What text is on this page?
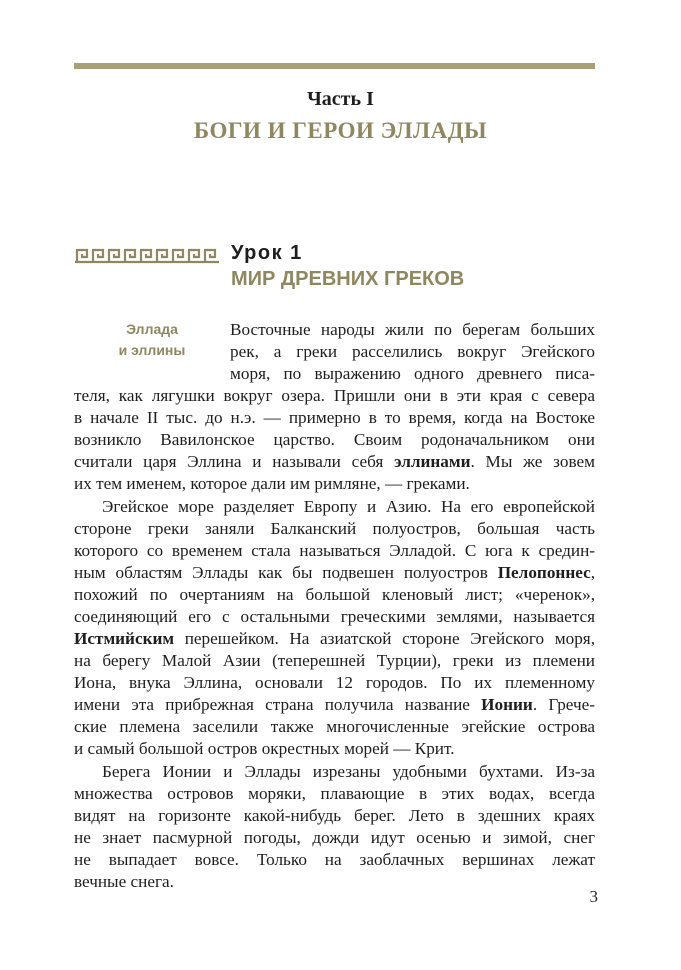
Часть I
БОГИ И ГЕРОИ ЭЛЛАДЫ
Урок 1
МИР ДРЕВНИХ ГРЕКОВ
Эллада
и эллины
Восточные народы жили по берегам больших
рек, а греки расселились вокруг Эгейского
моря, по выражению одного древнего писа-
теля, как лягушки вокруг озера. Пришли они в эти края с севера
в начале II тыс. до н.э. — примерно в то время, когда на Востоке
возникло Вавилонское царство. Своим родоначальником они
считали царя Эллина и называли себя эллинами. Мы же зовем
их тем именем, которое дали им римляне, — греками.
Эгейское море разделяет Европу и Азию. На его европейской
стороне греки заняли Балканский полуостров, большая часть
которого со временем стала называться Элладой. С юга к средин-
ным областям Эллады как бы подвешен полуостров Пелопоннес,
похожий по очертаниям на большой кленовый лист; «черенок»,
соединяющий его с остальными греческими землями, называется
Истмийским перешейком. На азиатской стороне Эгейского моря,
на берегу Малой Азии (теперешней Турции), греки из племени
Иона, внука Эллина, основали 12 городов. По их племенному
имени эта прибрежная страна получила название Ионии. Грече-
ские племена заселили также многочисленные эгейские острова
и самый большой остров окрестных морей — Крит.
Берега Ионии и Эллады изрезаны удобными бухтами. Из-за
множества островов моряки, плавающие в этих водах, всегда
видят на горизонте какой-нибудь берег. Лето в здешних краях
не знает пасмурной погоды, дожди идут осенью и зимой, снег
не выпадает вовсе. Только на заоблачных вершинах лежат
вечные снега.
3
